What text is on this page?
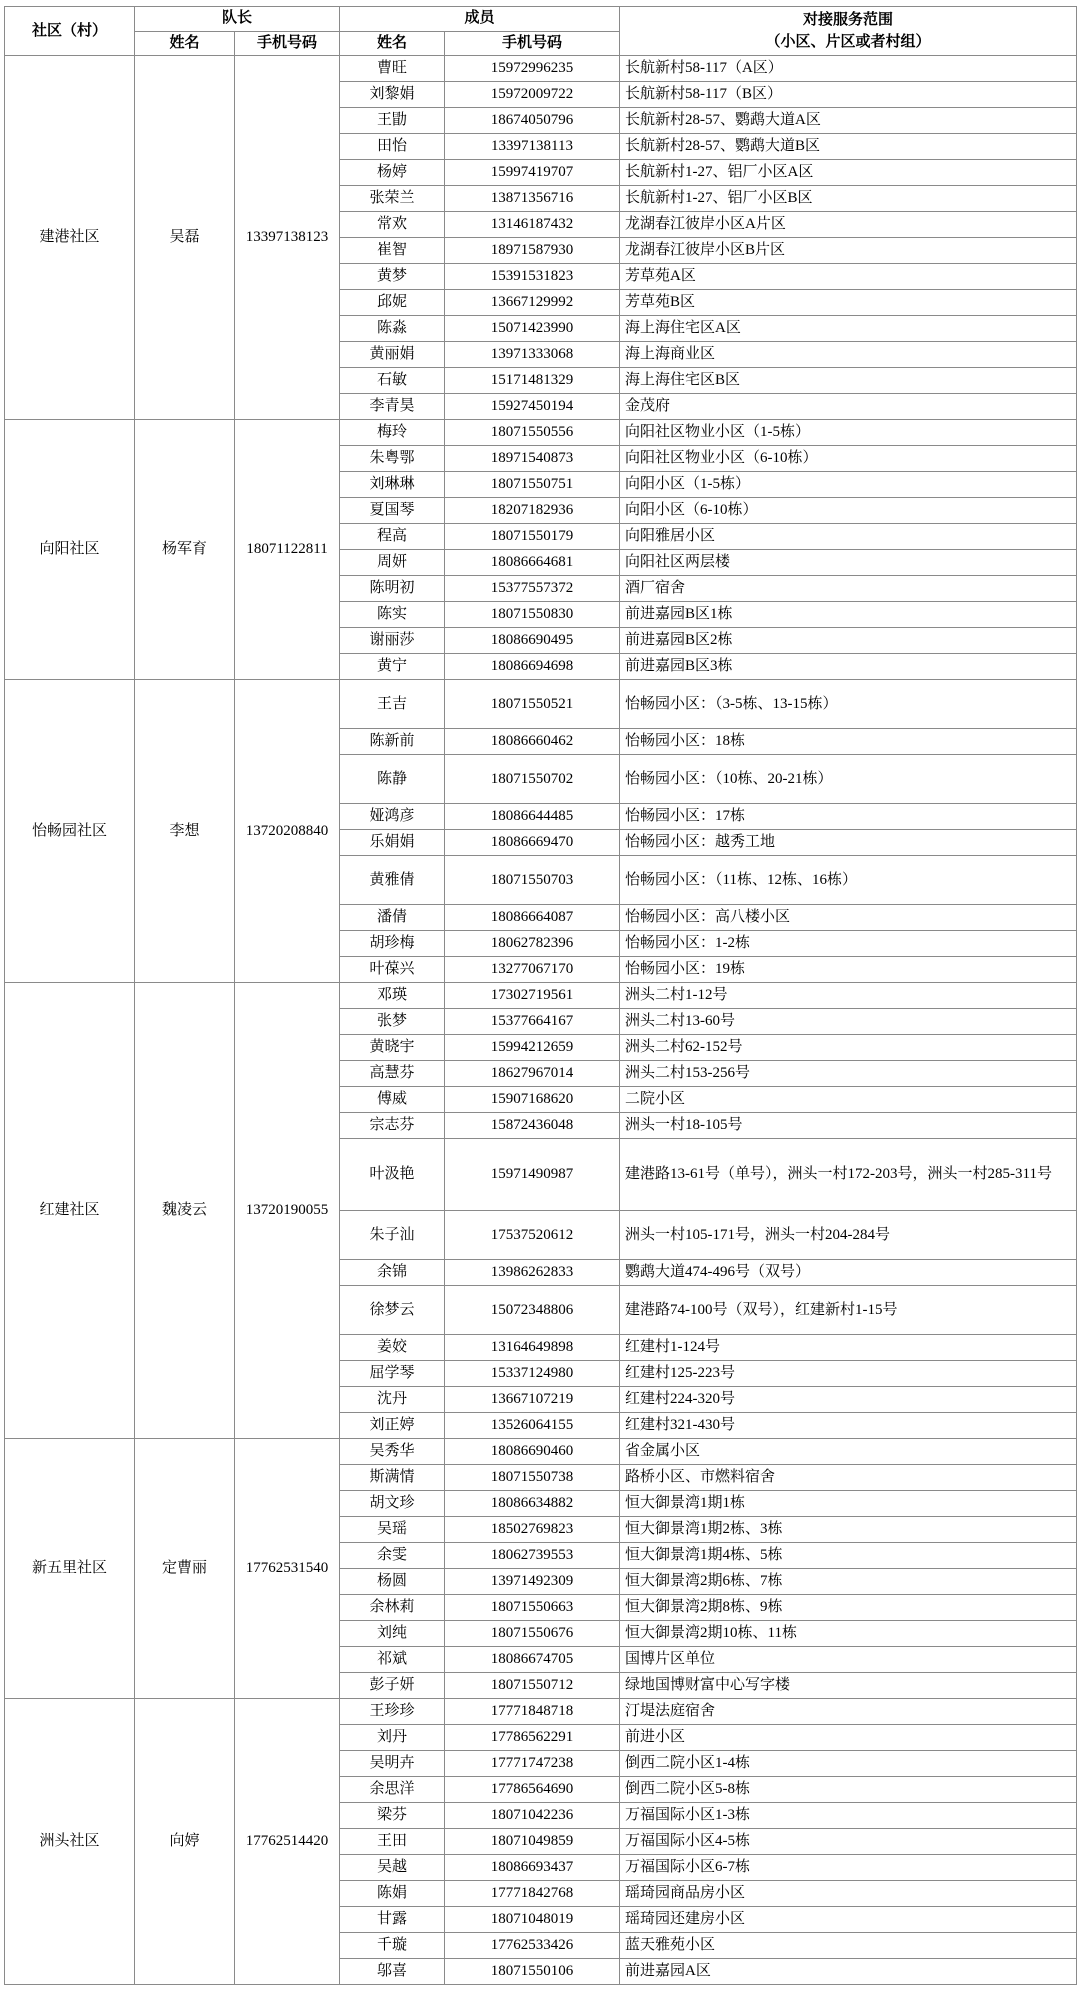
社区（村）	队长		成员		对接服务范围
（小区、片区或者村组）

	姓名	手机号码	姓名	手机号码	
建港社区	吴磊	13397138123	曹旺	15972996235	长航新村58-117（A区）
			刘黎娟	15972009722	长航新村58-117（B区）
			王勖	18674050796	长航新村28-57、鹦鹉大道A区
			田怡	13397138113	长航新村28-57、鹦鹉大道B区
			杨婷	15997419707	长航新村1-27、铝厂小区A区
			张荣兰	13871356716	长航新村1-27、铝厂小区B区
			常欢	13146187432	龙湖春江彼岸小区A片区
			崔智	18971587930	龙湖春江彼岸小区B片区
			黄梦	15391531823	芳草苑A区
			邱妮	13667129992	芳草苑B区
			陈淼	15071423990	海上海住宅区A区
			黄丽娟	13971333068	海上海商业区
			石敏	15171481329	海上海住宅区B区
			李青昊	15927450194	金茂府
向阳社区	杨军育	18071122811	梅玲	18071550556	向阳社区物业小区（1-5栋）
			朱粤鄂	18971540873	向阳社区物业小区（6-10栋）
			刘琳琳	18071550751	向阳小区（1-5栋）
			夏国琴	18207182936	向阳小区（6-10栋）
			程高	18071550179	向阳雅居小区
			周妍	18086664681	向阳社区两层楼
			陈明初	15377557372	酒厂宿舍
			陈实	18071550830	前进嘉园B区1栋
			谢丽莎	18086690495	前进嘉园B区2栋
			黄宁	18086694698	前进嘉园B区3栋
怡畅园社区	李想	13720208840	王吉	18071550521	怡畅园小区：（3-5栋、13-15栋）
			陈新前	18086660462	怡畅园小区：18栋
			陈静	18071550702	怡畅园小区：（10栋、20-21栋）
			娅鸿彦	18086644485	怡畅园小区：17栋
			乐娟娟	18086669470	怡畅园小区：越秀工地
			黄雅倩	18071550703	怡畅园小区：（11栋、12栋、16栋）
			潘倩	18086664087	怡畅园小区：高八楼小区
			胡珍梅	18062782396	怡畅园小区：1-2栋
			叶葆兴	13277067170	怡畅园小区：19栋
红建社区	魏凌云	13720190055	邓瑛	17302719561	洲头二村1-12号
			张梦	15377664167	洲头二村13-60号
			黄晓宇	15994212659	洲头二村62-152号
			高慧芬	18627967014	洲头二村153-256号
			傅威	15907168620	二院小区
			宗志芬	15872436048	洲头一村18-105号
			叶汲艳	15971490987	建港路13-61号（单号），洲头一村172-203号，洲头一村285-311号
			朱子汕	17537520612	洲头一村105-171号，洲头一村204-284号
			余锦	13986262833	鹦鹉大道474-496号（双号）
			徐梦云	15072348806	建港路74-100号（双号），红建新村1-15号
			姜姣	13164649898	红建村1-124号
			屈学琴	15337124980	红建村125-223号
			沈丹	13667107219	红建村224-320号
			刘正婷	13526064155	红建村321-430号
新五里社区	定曹丽	17762531540	吴秀华	18086690460	省金属小区
			斯满情	18071550738	路桥小区、市燃料宿舍
			胡文珍	18086634882	恒大御景湾1期1栋
			吴瑶	18502769823	恒大御景湾1期2栋、3栋
			余雯	18062739553	恒大御景湾1期4栋、5栋
			杨圆	13971492309	恒大御景湾2期6栋、7栋
			余林莉	18071550663	恒大御景湾2期8栋、9栋
			刘纯	18071550676	恒大御景湾2期10栋、11栋
			祁斌	18086674705	国博片区单位
			彭子妍	18071550712	绿地国博财富中心写字楼
洲头社区	向婷	17762514420	王珍珍	17771848718	汀堤法庭宿舍
			刘丹	17786562291	前进小区
			吴明卉	17771747238	倒西二院小区1-4栋
			余思洋	17786564690	倒西二院小区5-8栋
			梁芬	18071042236	万福国际小区1-3栋
			王田	18071049859	万福国际小区4-5栋
			吴越	18086693437	万福国际小区6-7栋
			陈娟	17771842768	瑶琦园商品房小区
			甘露	18071048019	瑶琦园还建房小区
			千璇	17762533426	蓝天雅苑小区
			邬喜	18071550106	前进嘉园A区
